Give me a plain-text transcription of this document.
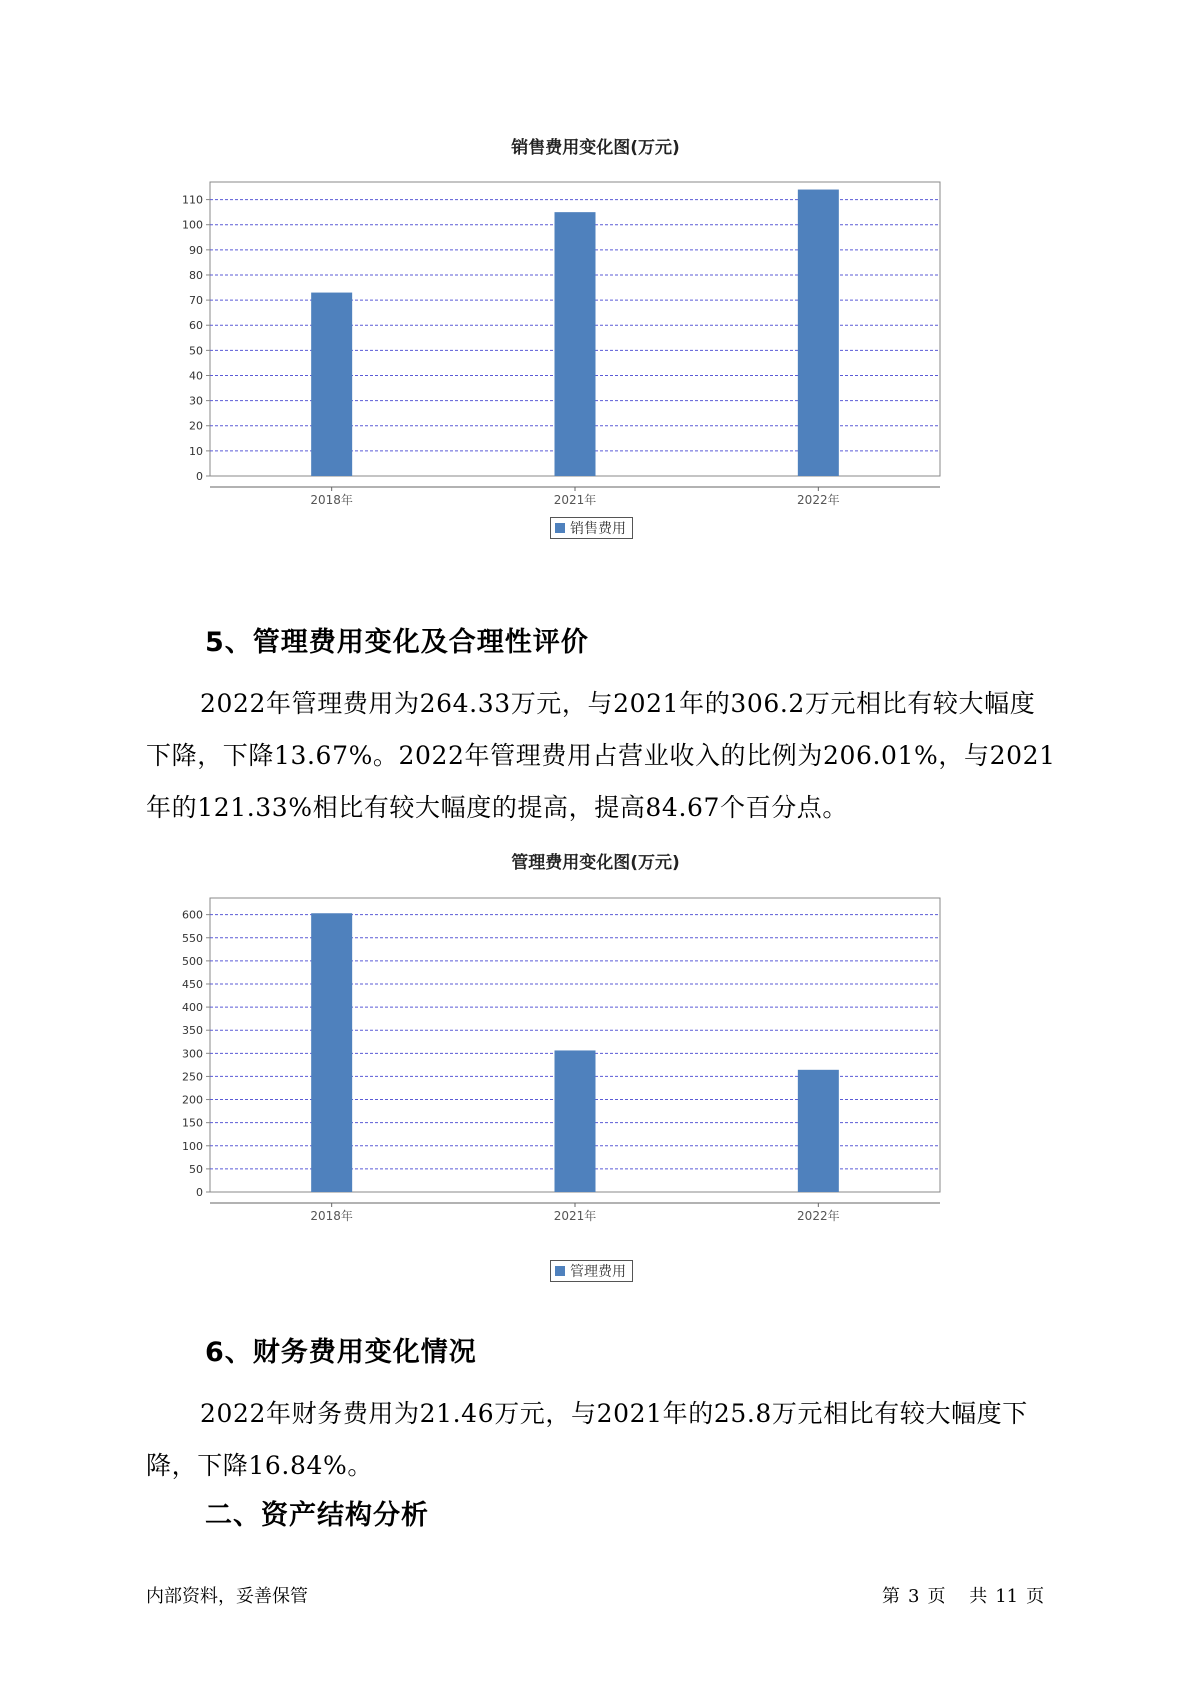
销售费用变化图(万元)
0
10
20
30
40
50
60
70
80
90
100
110
2018年	2021年	2022年
销售费用
5、管理费用变化及合理性评价

2022年管理费用为264.33万元，与2021年的306.2万元相比有较大幅度下降，下降13.67%。2022年管理费用占营业收入的比例为206.01%，与2021年的121.33%相比有较大幅度的提高，提高84.67个百分点。

管理费用变化图(万元)
0
50
100
150
200
250
300
350
400
450
500
550
600
2018年	2021年	2022年
管理费用
6、财务费用变化情况

2022年财务费用为21.46万元，与2021年的25.8万元相比有较大幅度下降，下降16.84%。

二、资产结构分析
内部资料，妥善保管	第 3 页 共 11 页
